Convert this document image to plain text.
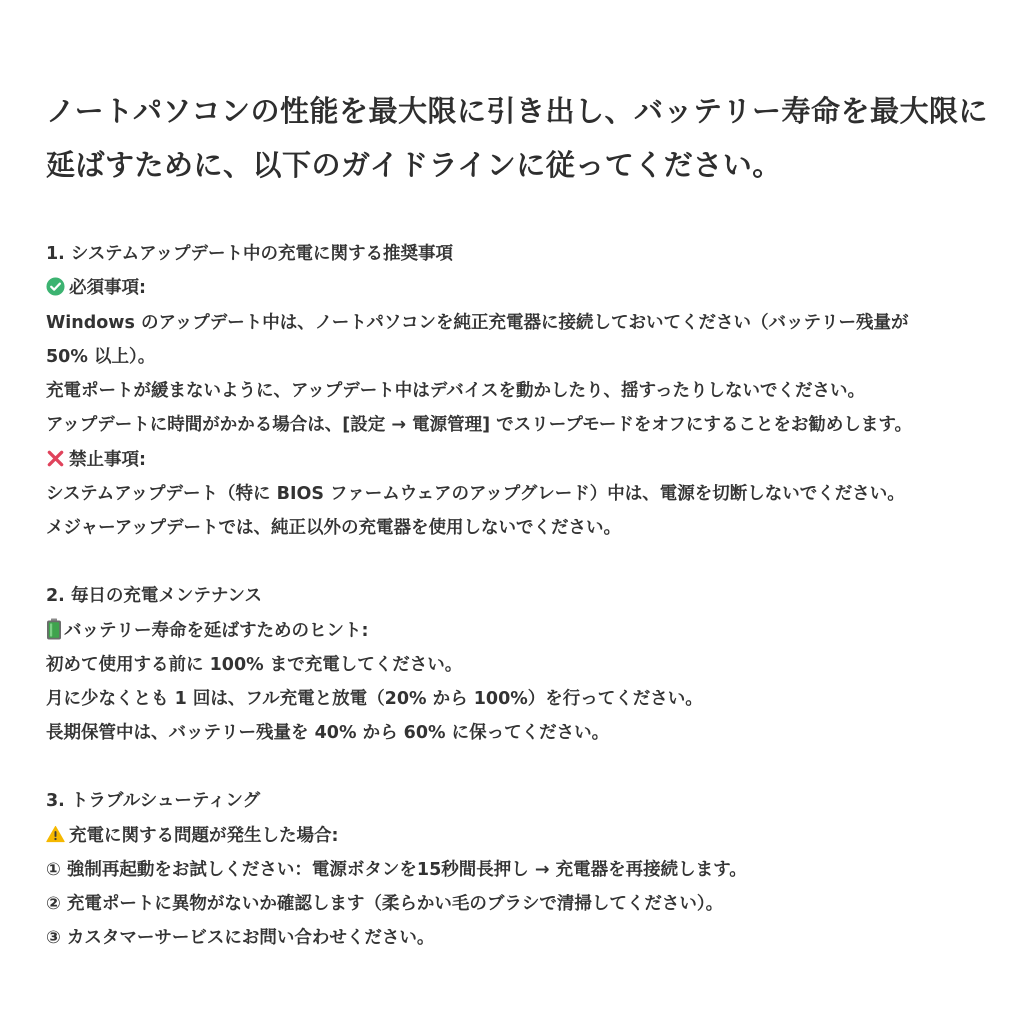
ノートパソコンの性能を最大限に引き出し、バッテリー寿命を最大限に延ばすために、以下のガイドラインに従ってください。
1. システムアップデート中の充電に関する推奨事項
必須事項:
Windows のアップデート中は、ノートパソコンを純正充電器に接続しておいてください（バッテリー残量が
50% 以上）。
充電ポートが緩まないように、アップデート中はデバイスを動かしたり、揺すったりしないでください。
アップデートに時間がかかる場合は、[設定 → 電源管理] でスリープモードをオフにすることをお勧めします。
禁止事項:
システムアップデート（特に BIOS ファームウェアのアップグレード）中は、電源を切断しないでください。
メジャーアップデートでは、純正以外の充電器を使用しないでください。
2. 毎日の充電メンテナンス
バッテリー寿命を延ばすためのヒント:
初めて使用する前に 100% まで充電してください。
月に少なくとも 1 回は、フル充電と放電（20% から 100%）を行ってください。
長期保管中は、バッテリー残量を 40% から 60% に保ってください。
3. トラブルシューティング
充電に関する問題が発生した場合:
① 強制再起動をお試しください：電源ボタンを15秒間長押し → 充電器を再接続します。
② 充電ポートに異物がないか確認します（柔らかい毛のブラシで清掃してください）。
③ カスタマーサービスにお問い合わせください。
